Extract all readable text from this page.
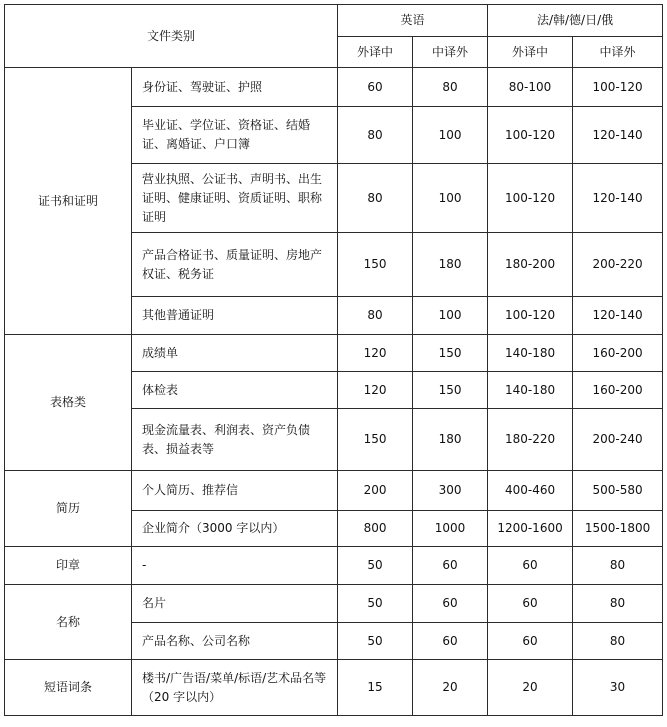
文件类别		英语		法/韩/德/日/俄	
		外译中	中译外	外译中	中译外
证书和证明	身份证、驾驶证、护照	60	80	80-100	100-120
	毕业证、学位证、资格证、结婚证、离婚证、户口簿	80	100	100-120	120-140
	营业执照、公证书、声明书、出生证明、健康证明、资质证明、职称证明	80	100	100-120	120-140
	产品合格证书、质量证明、房地产权证、税务证	150	180	180-200	200-220
	其他普通证明	80	100	100-120	120-140
表格类	成绩单	120	150	140-180	160-200
	体检表	120	150	140-180	160-200
	现金流量表、利润表、资产负债表、损益表等	150	180	180-220	200-240
简历	个人简历、推荐信	200	300	400-460	500-580
	企业简介（3000 字以内）	800	1000	1200-1600	1500-1800
印章	-	50	60	60	80
名称	名片	50	60	60	80
	产品名称、公司名称	50	60	60	80
短语词条	楼书/广告语/菜单/标语/艺术品名等（20 字以内）	15	20	20	30
